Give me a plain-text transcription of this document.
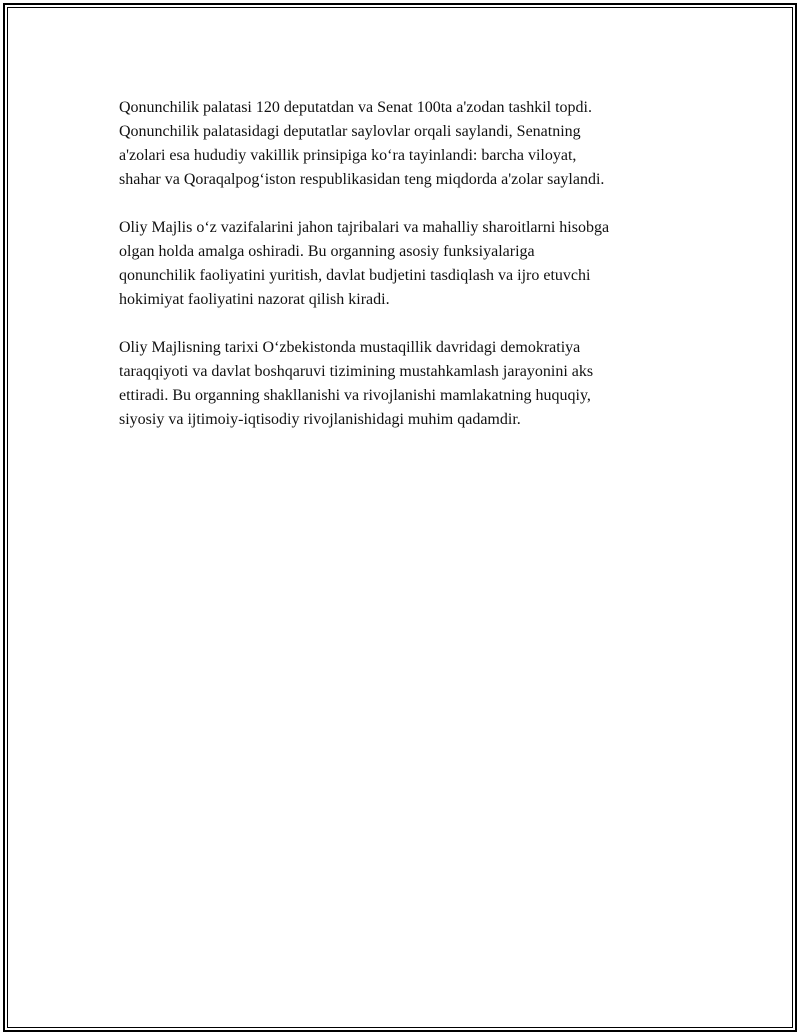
Qonunchilik palatasi 120 deputatdan va Senat 100ta a'zodan tashkil topdi.
Qonunchilik palatasidagi deputatlar saylovlar orqali saylandi, Senatning
a'zolari esa hududiy vakillik prinsipiga koʻra tayinlandi: barcha viloyat,
shahar va Qoraqalpogʻiston respublikasidan teng miqdorda a'zolar saylandi.

Oliy Majlis oʻz vazifalarini jahon tajribalari va mahalliy sharoitlarni hisobga
olgan holda amalga oshiradi. Bu organning asosiy funksiyalariga
qonunchilik faoliyatini yuritish, davlat budjetini tasdiqlash va ijro etuvchi
hokimiyat faoliyatini nazorat qilish kiradi.

Oliy Majlisning tarixi Oʻzbekistonda mustaqillik davridagi demokratiya
taraqqiyoti va davlat boshqaruvi tizimining mustahkamlash jarayonini aks
ettiradi. Bu organning shakllanishi va rivojlanishi mamlakatning huquqiy,
siyosiy va ijtimoiy-iqtisodiy rivojlanishidagi muhim qadamdir.
